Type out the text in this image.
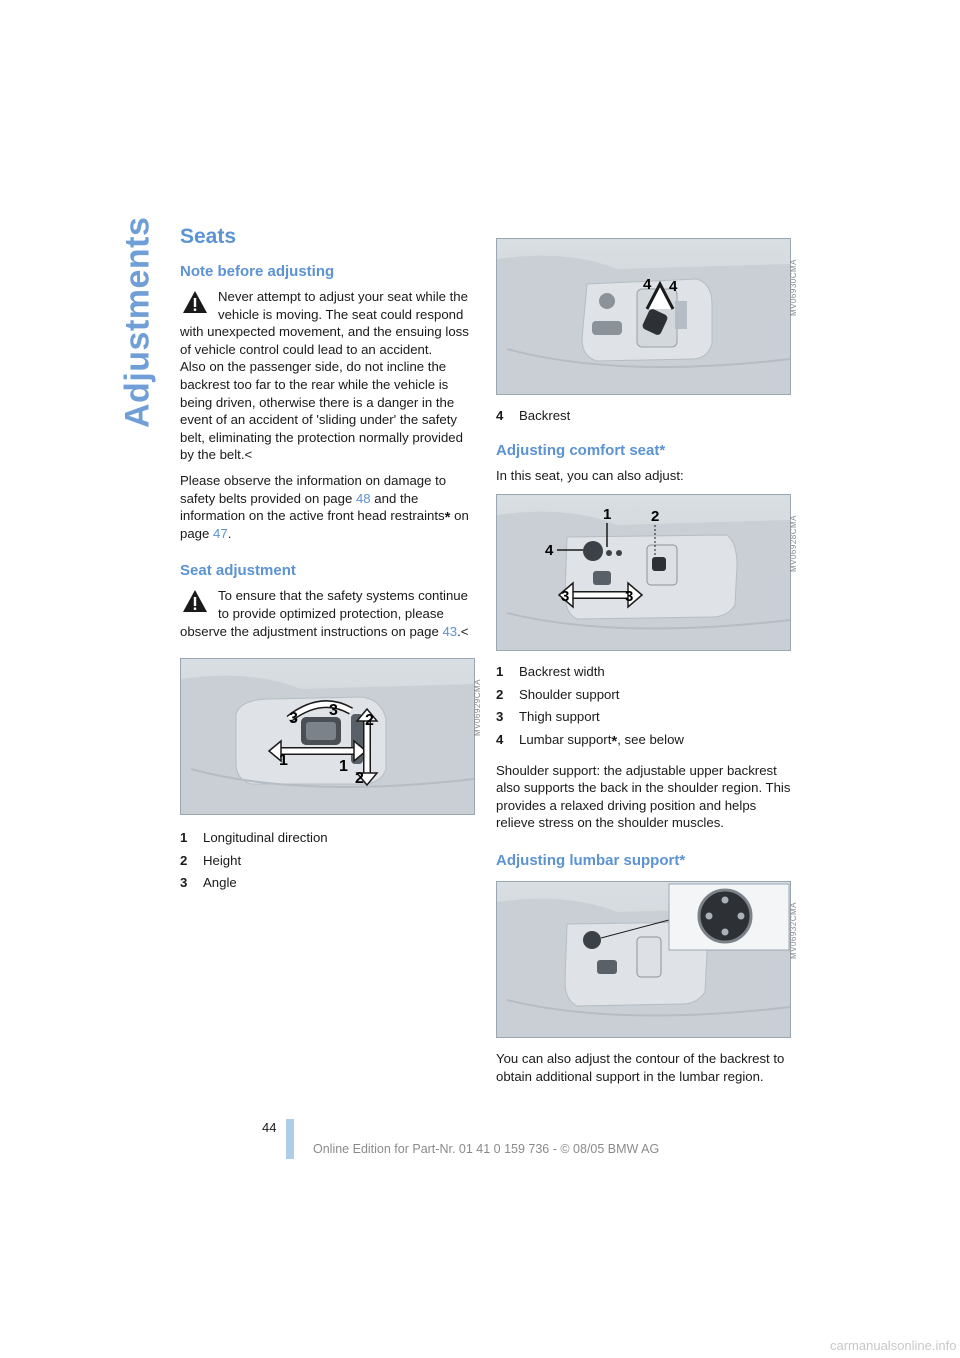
Adjustments Seats
Note before adjusting
Never attempt to adjust your seat while the vehicle is moving. The seat could respond with unexpected movement, and the ensuing loss of vehicle control could lead to an accident.
Also on the passenger side, do not incline the backrest too far to the rear while the vehicle is being driven, otherwise there is a danger in the event of an accident of 'sliding under' the safety belt, eliminating the protection normally provided by the belt.<

Please observe the information on damage to safety belts provided on page 48 and the information on the active front head restraints* on page 47.

Seat adjustment
To ensure that the safety systems continue to provide optimized protection, please observe the adjustment instructions on page 43.<
1	1
2
2
3 3	MV06929CMA
1 Longitudinal direction
2 Height
3 Angle
4 4	MV06930CMA
4 Backrest
Adjusting comfort seat*

In this seat, you can also adjust:

1	2
4
3	3
MV06928CMA
1 Backrest width
2 Shoulder support
3 Thigh support
4 Lumbar support*, see below

Shoulder support: the adjustable upper backrest also supports the back in the shoulder region. This provides a relaxed driving position and helps relieve stress on the shoulder muscles.

Adjusting lumbar support*
MV06932CMA

You can also adjust the contour of the backrest to obtain additional support in the lumbar region.

44
Online Edition for Part-Nr. 01 41 0 159 736 - © 08/05 BMW AG
carmanualsonline.info
